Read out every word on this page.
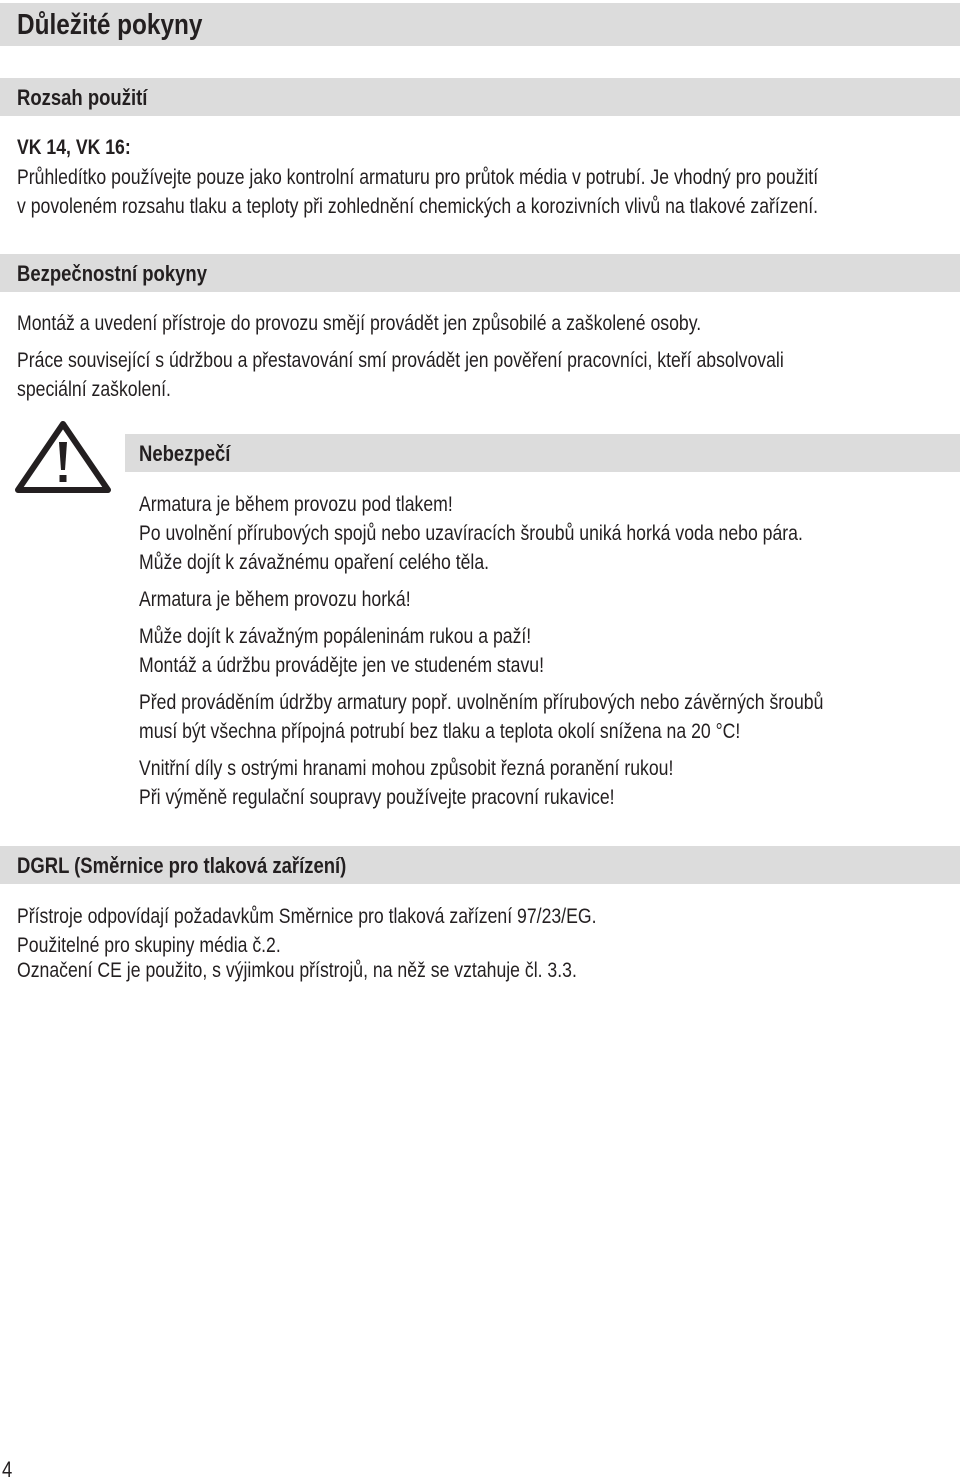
Důležité pokyny
Rozsah použití
VK 14, VK 16:
Průhledítko používejte pouze jako kontrolní armaturu pro průtok média v potrubí. Je vhodný pro použití
v povoleném rozsahu tlaku a teploty při zohlednění chemických a korozivních vlivů na tlakové zařízení.
Bezpečnostní pokyny
Montáž a uvedení přístroje do provozu smějí provádět jen způsobilé a zaškolené osoby.
Práce související s údržbou a přestavování smí provádět jen pověření pracovníci, kteří absolvovali
speciální zaškolení.
Nebezpečí
Armatura je během provozu pod tlakem!
Po uvolnění přírubových spojů nebo uzavíracích šroubů uniká horká voda nebo pára.
Může dojít k závažnému opaření celého těla.
Armatura je během provozu horká!
Může dojít k závažným popáleninám rukou a paží!
Montáž a údržbu provádějte jen ve studeném stavu!
Před prováděním údržby armatury popř. uvolněním přírubových nebo závěrných šroubů
musí být všechna přípojná potrubí bez tlaku a teplota okolí snížena na 20 °C!
Vnitřní díly s ostrými hranami mohou způsobit řezná poranění rukou!
Při výměně regulační soupravy používejte pracovní rukavice!
DGRL (Směrnice pro tlaková zařízení)
Přístroje odpovídají požadavkům Směrnice pro tlaková zařízení 97/23/EG.
Použitelné pro skupiny média č.2.
Označení CE je použito, s výjimkou přístrojů, na něž se vztahuje čl. 3.3.
4
